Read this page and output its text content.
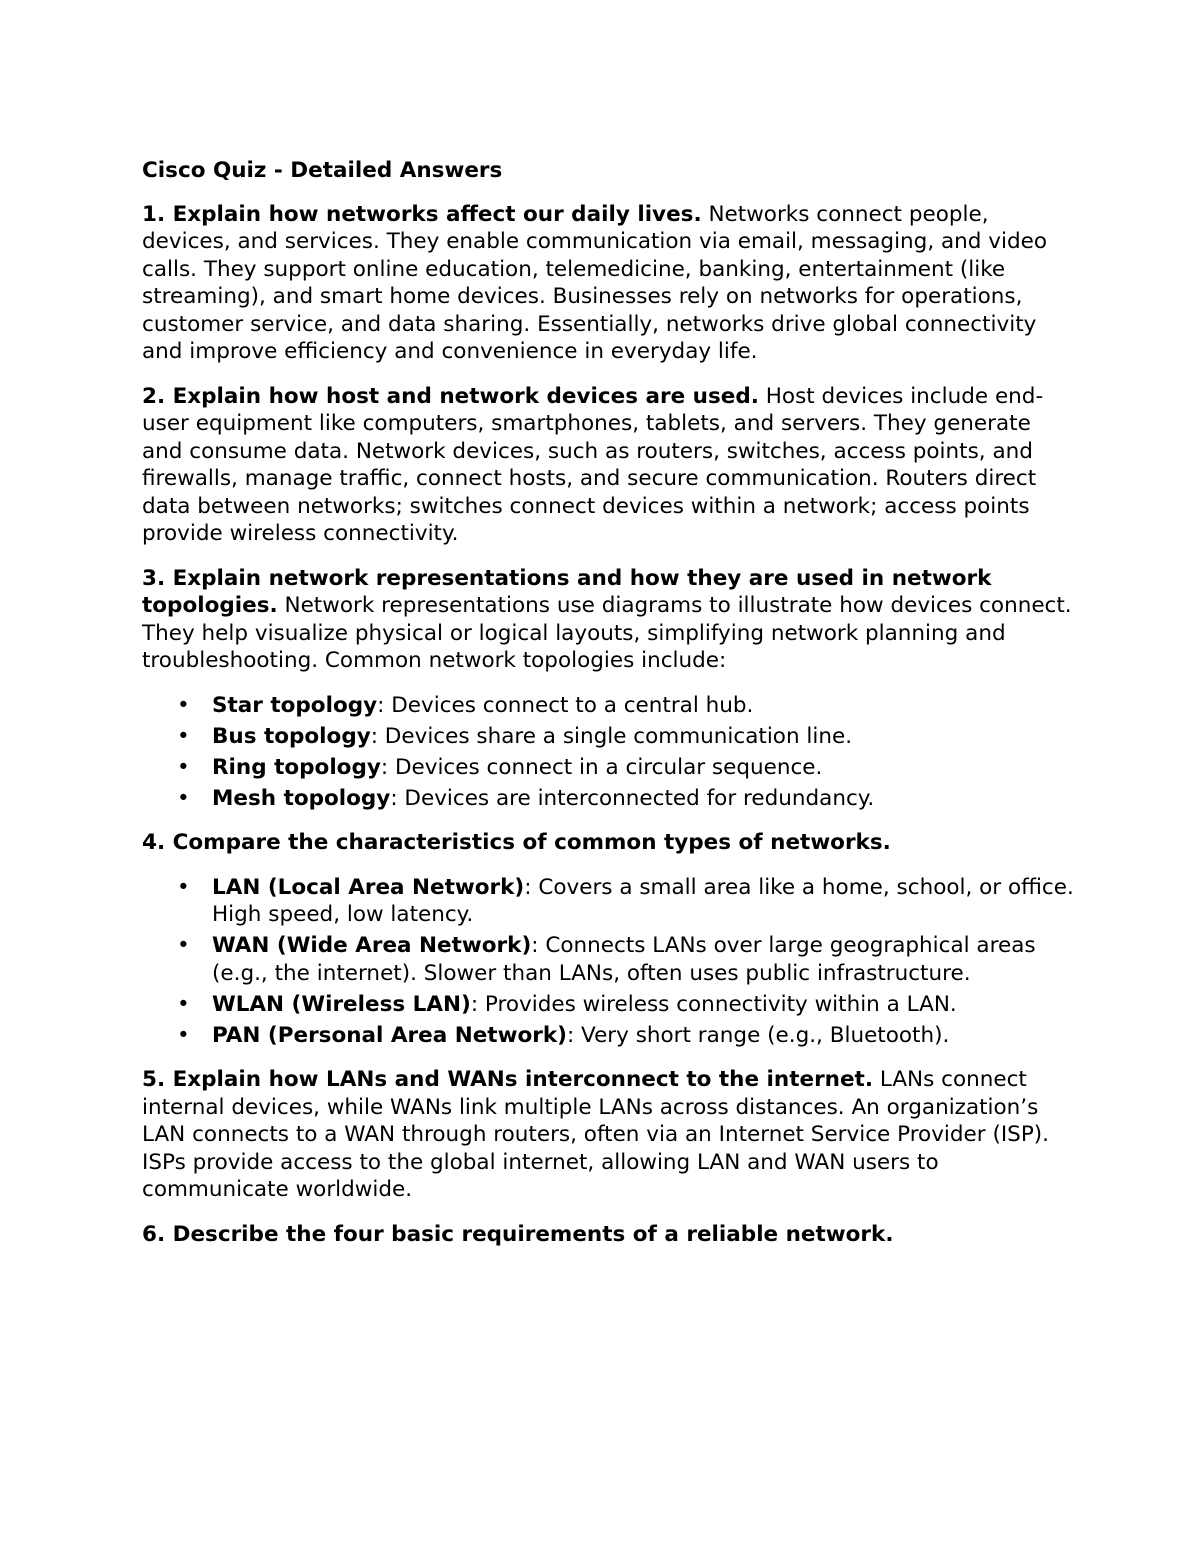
Cisco Quiz - Detailed Answers

1. Explain how networks affect our daily lives. Networks connect people, devices, and services. They enable communication via email, messaging, and video calls. They support online education, telemedicine, banking, entertainment (like streaming), and smart home devices. Businesses rely on networks for operations, customer service, and data sharing. Essentially, networks drive global connectivity and improve efficiency and convenience in everyday life.

2. Explain how host and network devices are used. Host devices include end-user equipment like computers, smartphones, tablets, and servers. They generate and consume data. Network devices, such as routers, switches, access points, and firewalls, manage traffic, connect hosts, and secure communication. Routers direct data between networks; switches connect devices within a network; access points provide wireless connectivity.

3. Explain network representations and how they are used in network topologies. Network representations use diagrams to illustrate how devices connect. They help visualize physical or logical layouts, simplifying network planning and troubleshooting. Common network topologies include:

• Star topology: Devices connect to a central hub.
• Bus topology: Devices share a single communication line.
• Ring topology: Devices connect in a circular sequence.
• Mesh topology: Devices are interconnected for redundancy.

4. Compare the characteristics of common types of networks.

• LAN (Local Area Network): Covers a small area like a home, school, or office. High speed, low latency.
• WAN (Wide Area Network): Connects LANs over large geographical areas (e.g., the internet). Slower than LANs, often uses public infrastructure.
• WLAN (Wireless LAN): Provides wireless connectivity within a LAN.
• PAN (Personal Area Network): Very short range (e.g., Bluetooth).

5. Explain how LANs and WANs interconnect to the internet. LANs connect internal devices, while WANs link multiple LANs across distances. An organization’s LAN connects to a WAN through routers, often via an Internet Service Provider (ISP). ISPs provide access to the global internet, allowing LAN and WAN users to communicate worldwide.

6. Describe the four basic requirements of a reliable network.
